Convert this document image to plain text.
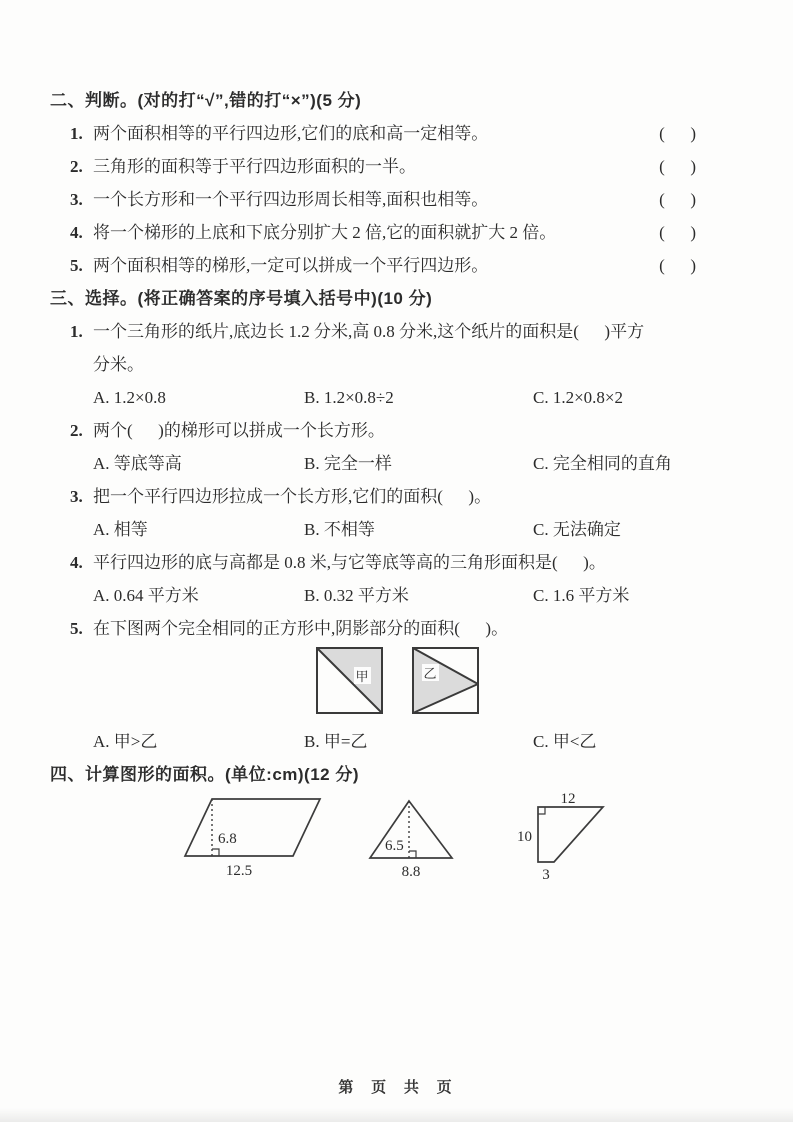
二、判断。(对的打“√”,错的打“×”)(5 分)
1. 两个面积相等的平行四边形,它们的底和高一定相等。	(      )
2. 三角形的面积等于平行四边形面积的一半。	(      )
3. 一个长方形和一个平行四边形周长相等,面积也相等。	(      )
4. 将一个梯形的上底和下底分别扩大 2 倍,它的面积就扩大 2 倍。	(      )
5. 两个面积相等的梯形,一定可以拼成一个平行四边形。	(      )
三、选择。(将正确答案的序号填入括号中)(10 分)
1. 一个三角形的纸片,底边长 1.2 分米,高 0.8 分米,这个纸片的面积是(      )平方
分米。
A. 1.2×0.8	B. 1.2×0.8÷2	C. 1.2×0.8×2
2. 两个(      )的梯形可以拼成一个长方形。
A. 等底等高	B. 完全一样	C. 完全相同的直角
3. 把一个平行四边形拉成一个长方形,它们的面积(      )。
A. 相等	B. 不相等	C. 无法确定
4. 平行四边形的底与高都是 0.8 米,与它等底等高的三角形面积是(      )。
A. 0.64 平方米	B. 0.32 平方米	C. 1.6 平方米
5. 在下图两个完全相同的正方形中,阴影部分的面积(      )。
甲	乙
A. 甲>乙	B. 甲=乙	C. 甲<乙
四、计算图形的面积。(单位:cm)(12 分)
6.8
12.5
6.5
8.8
12
10
3
第 页 共 页
